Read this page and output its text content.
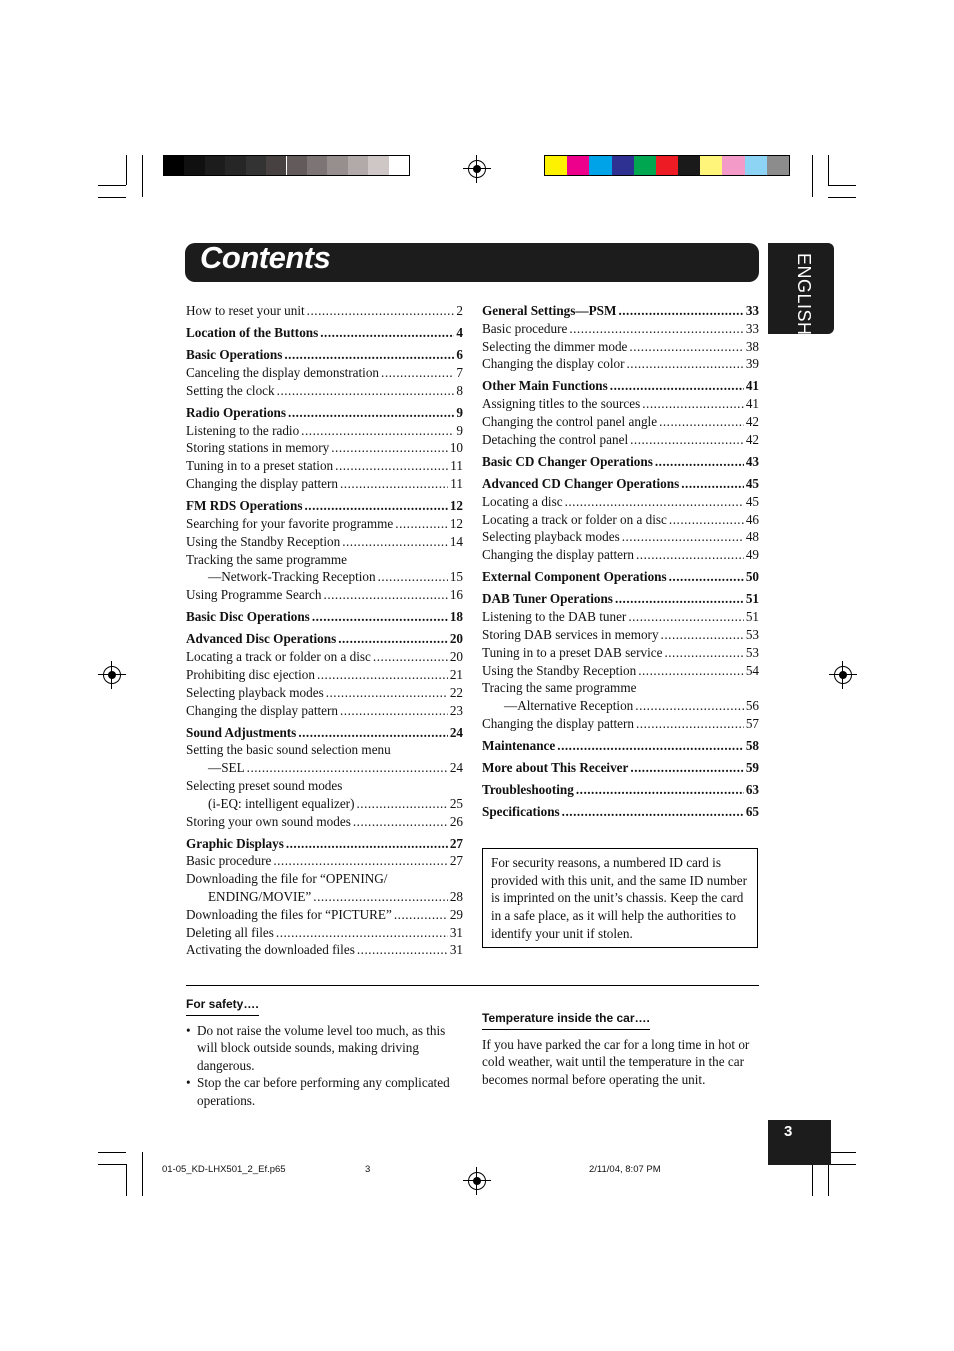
Contents	ENGLISH
How to reset your unit .....	2
Location of the Buttons .....	4
Basic Operations .....	6
Canceling the display demonstration .....	7
Setting the clock .....	8
Radio Operations .....	9
Listening to the radio .....	9
Storing stations in memory .....	10
Tuning in to a preset station .....	11
Changing the display pattern .....	11
FM RDS Operations .....	12
Searching for your favorite programme .....	12
Using the Standby Reception .....	14
Tracking the same programme
—Network-Tracking Reception .....	15
Using Programme Search .....	16
Basic Disc Operations .....	18
Advanced Disc Operations .....	20
Locating a track or folder on a disc .....	20
Prohibiting disc ejection .....	21
Selecting playback modes .....	22
Changing the display pattern .....	23
Sound Adjustments .....	24
Setting the basic sound selection menu
—SEL .....	24
Selecting preset sound modes
(i-EQ: intelligent equalizer) .....	25
Storing your own sound modes .....	26
Graphic Displays .....	27
Basic procedure .....	27
Downloading the file for “OPENING/
ENDING/MOVIE” .....	28
Downloading the files for “PICTURE” .....	29
Deleting all files .....	31
Activating the downloaded files .....	31
General Settings—PSM .....	33
Basic procedure .....	33
Selecting the dimmer mode .....	38
Changing the display color .....	39
Other Main Functions .....	41
Assigning titles to the sources .....	41
Changing the control panel angle .....	42
Detaching the control panel .....	42
Basic CD Changer Operations .....	43
Advanced CD Changer Operations .....	45
Locating a disc .....	45
Locating a track or folder on a disc .....	46
Selecting playback modes .....	48
Changing the display pattern .....	49
External Component Operations .....	50
DAB Tuner Operations .....	51
Listening to the DAB tuner .....	51
Storing DAB services in memory .....	53
Tuning in to a preset DAB service .....	53
Using the Standby Reception .....	54
Tracing the same programme
—Alternative Reception .....	56
Changing the display pattern .....	57
Maintenance .....	58
More about This Receiver .....	59
Troubleshooting .....	63
Specifications .....	65
For security reasons, a numbered ID card is provided with this unit, and the same ID number is imprinted on the unit’s chassis. Keep the card in a safe place, as it will help the authorities to identify your unit if stolen.
For safety….
• Do not raise the volume level too much, as this will block outside sounds, making driving dangerous.
• Stop the car before performing any complicated operations.
Temperature inside the car….

If you have parked the car for a long time in hot or cold weather, wait until the temperature in the car becomes normal before operating the unit.

3
01-05_KD-LHX501_2_Ef.p65	3	2/11/04, 8:07 PM
